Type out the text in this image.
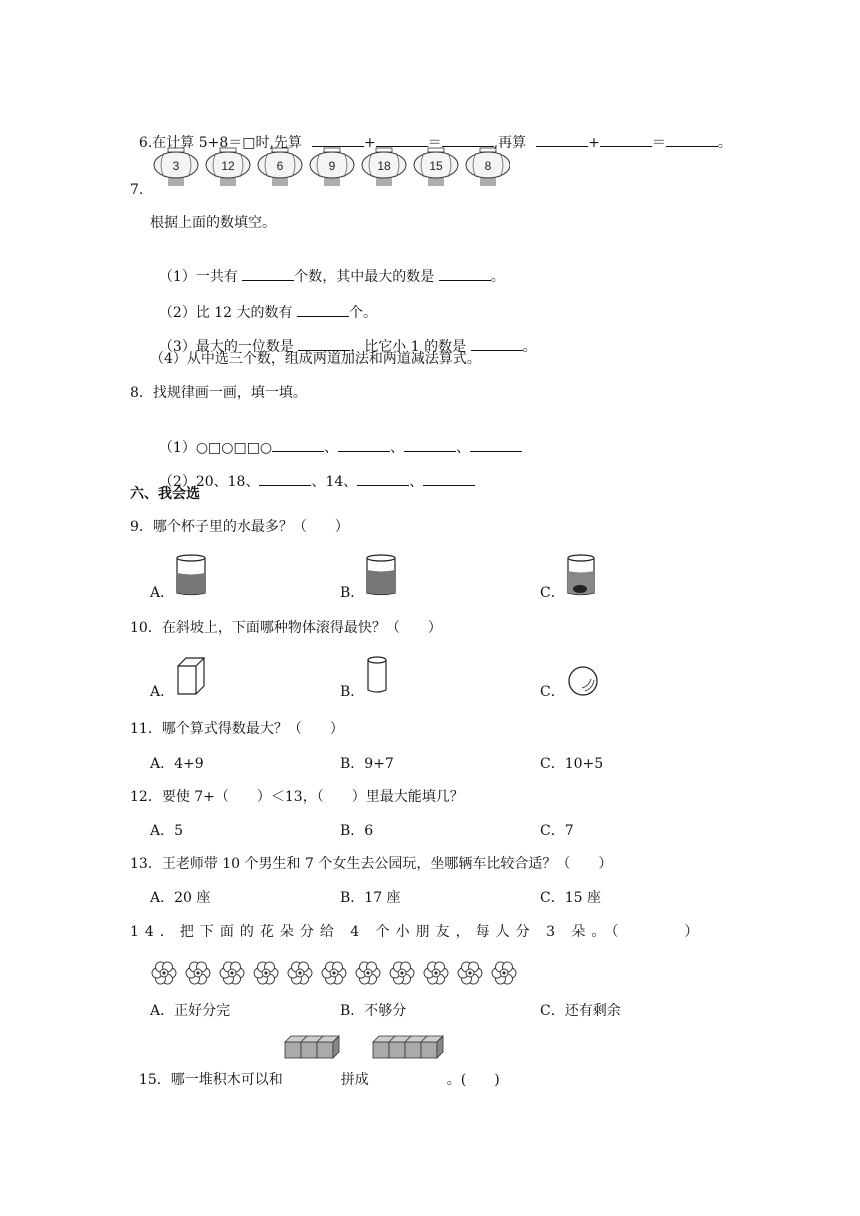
6.在计算 5+8＝□时,先算	+	＝	,再算	+	＝	。

7.
3	12	6	9	18	15	8
根据上面的数填空。

（1）一共有	个数，其中最大的数是	。

（2）比 12 大的数有	个。

（3）最大的一位数是	，比它小 1 的数是	。

（4）从中选三个数，组成两道加法和两道减法算式。
8．找规律画一画，填一填。

（1）○□○□□○	、	、	、

（2）20、18、	、14、	、

六、我会选
9．哪个杯子里的水最多？（　　）
A．	B．	C．
10．在斜坡上，下面哪种物体滚得最快？（　　）
A．	B．	C．
11．哪个算式得数最大？（　　）
A．4+9	B．9+7	C．10+5
12．要使 7+（　　）＜13，（　　）里最大能填几？
A．5	B．6	C．7
13．王老师带 10 个男生和 7 个女生去公园玩，坐哪辆车比较合适？（　　）
A．20 座	B．17 座	C．15 座
14．把下面的花朵分给 4 个小朋友，每人分 3 朵。（　　　）
A．正好分完	B．不够分	C．还有剩余

15．哪一堆积木可以和	拼成	。(　　)
